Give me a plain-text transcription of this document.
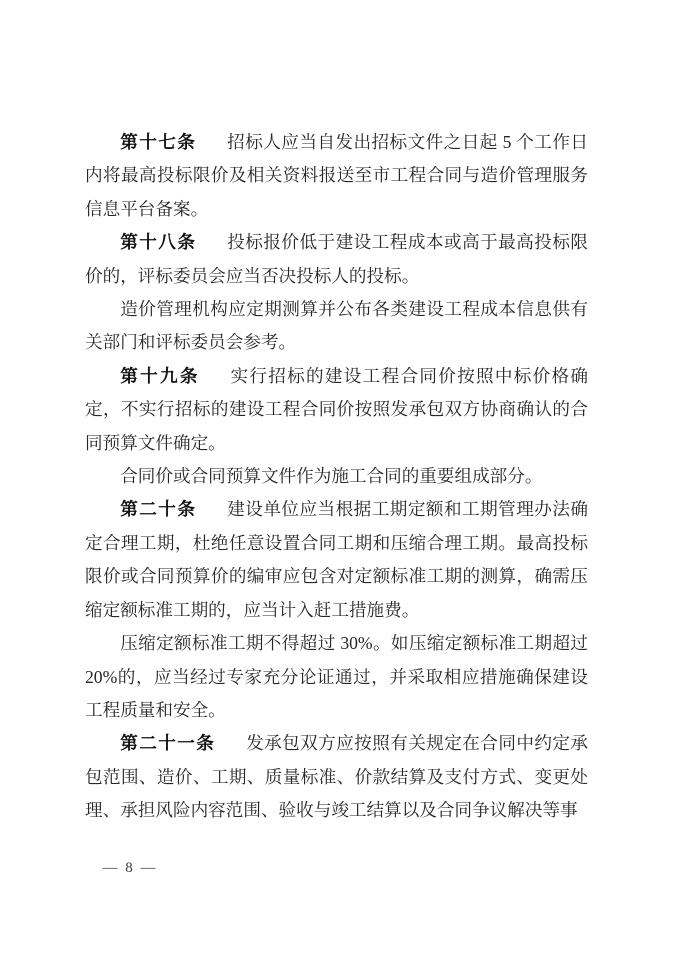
第十七条 招标人应当自发出招标文件之日起 5 个工作日内将最高投标限价及相关资料报送至市工程合同与造价管理服务信息平台备案。

第十八条 投标报价低于建设工程成本或高于最高投标限价的，评标委员会应当否决投标人的投标。

造价管理机构应定期测算并公布各类建设工程成本信息供有关部门和评标委员会参考。

第十九条 实行招标的建设工程合同价按照中标价格确定，不实行招标的建设工程合同价按照发承包双方协商确认的合同预算文件确定。

合同价或合同预算文件作为施工合同的重要组成部分。

第二十条 建设单位应当根据工期定额和工期管理办法确定合理工期，杜绝任意设置合同工期和压缩合理工期。最高投标限价或合同预算价的编审应包含对定额标准工期的测算，确需压缩定额标准工期的，应当计入赶工措施费。

压缩定额标准工期不得超过 30%。如压缩定额标准工期超过 20%的，应当经过专家充分论证通过，并采取相应措施确保建设工程质量和安全。

第二十一条 发承包双方应按照有关规定在合同中约定承包范围、造价、工期、质量标准、价款结算及支付方式、变更处理、承担风险内容范围、验收与竣工结算以及合同争议解决等事

— 8 —
